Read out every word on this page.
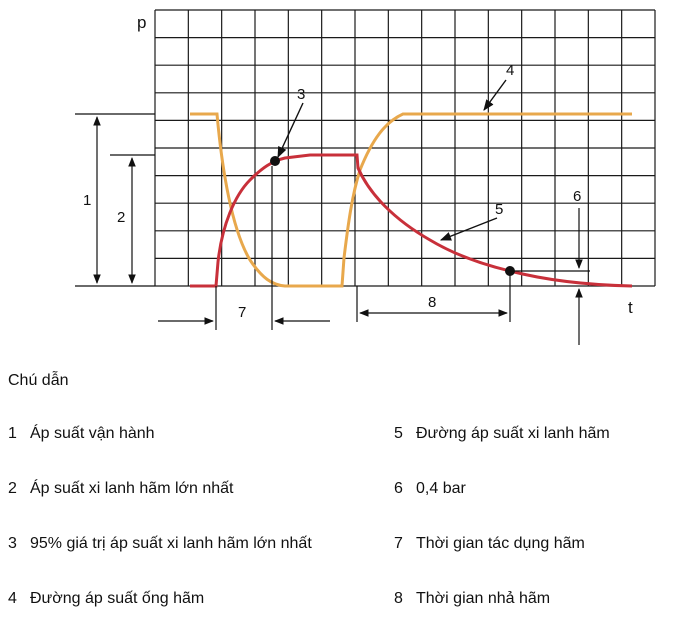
p
t
1
2
3
4
5
6
7
8
Chú dẫn
1 Áp suất vận hành
2 Áp suất xi lanh hãm lớn nhất
3 95% giá trị áp suất xi lanh hãm lớn nhất
4 Đường áp suất ống hãm
5 Đường áp suất xi lanh hãm
6 0,4 bar
7 Thời gian tác dụng hãm
8 Thời gian nhả hãm
